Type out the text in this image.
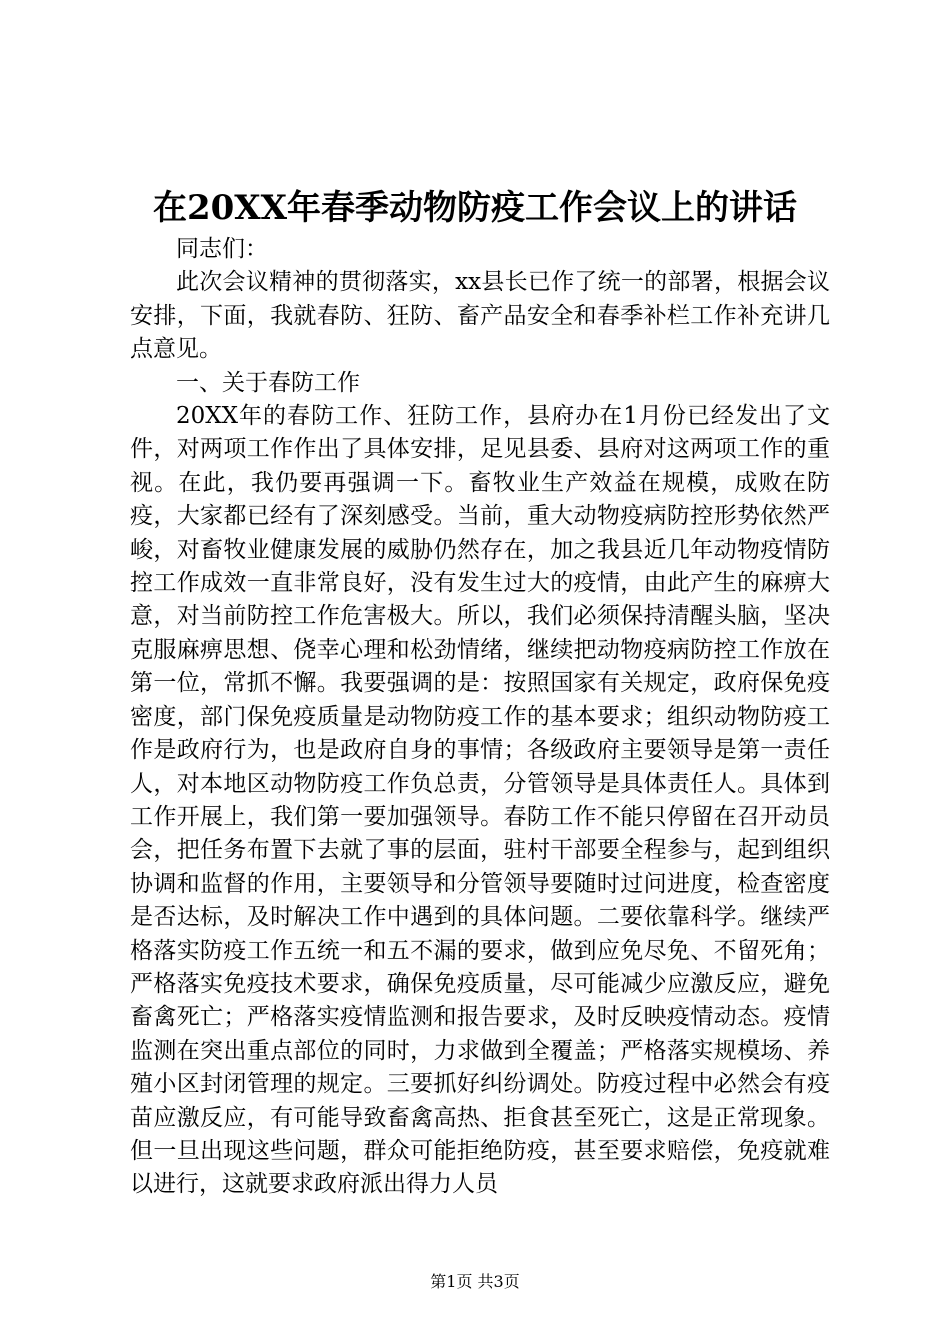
在20XX年春季动物防疫工作会议上的讲话

同志们：

此次会议精神的贯彻落实，xx县长已作了统一的部署，根据会议安排，下面，我就春防、狂防、畜产品安全和春季补栏工作补充讲几点意见。

一、关于春防工作

20XX年的春防工作、狂防工作，县府办在1月份已经发出了文件，对两项工作作出了具体安排，足见县委、县府对这两项工作的重视。在此，我仍要再强调一下。畜牧业生产效益在规模，成败在防疫，大家都已经有了深刻感受。当前，重大动物疫病防控形势依然严峻，对畜牧业健康发展的威胁仍然存在，加之我县近几年动物疫情防控工作成效一直非常良好，没有发生过大的疫情，由此产生的麻痹大意，对当前防控工作危害极大。所以，我们必须保持清醒头脑，坚决克服麻痹思想、侥幸心理和松劲情绪，继续把动物疫病防控工作放在第一位，常抓不懈。我要强调的是：按照国家有关规定，政府保免疫密度，部门保免疫质量是动物防疫工作的基本要求；组织动物防疫工作是政府行为，也是政府自身的事情；各级政府主要领导是第一责任人，对本地区动物防疫工作负总责，分管领导是具体责任人。具体到工作开展上，我们第一要加强领导。春防工作不能只停留在召开动员会，把任务布置下去就了事的层面，驻村干部要全程参与，起到组织协调和监督的作用，主要领导和分管领导要随时过问进度，检查密度是否达标，及时解决工作中遇到的具体问题。二要依靠科学。继续严格落实防疫工作五统一和五不漏的要求，做到应免尽免、不留死角；严格落实免疫技术要求，确保免疫质量，尽可能减少应激反应，避免畜禽死亡；严格落实疫情监测和报告要求，及时反映疫情动态。疫情监测在突出重点部位的同时，力求做到全覆盖；严格落实规模场、养殖小区封闭管理的规定。三要抓好纠纷调处。防疫过程中必然会有疫苗应激反应，有可能导致畜禽高热、拒食甚至死亡，这是正常现象。但一旦出现这些问题，群众可能拒绝防疫，甚至要求赔偿，免疫就难以进行，这就要求政府派出得力人员

第1页 共3页
